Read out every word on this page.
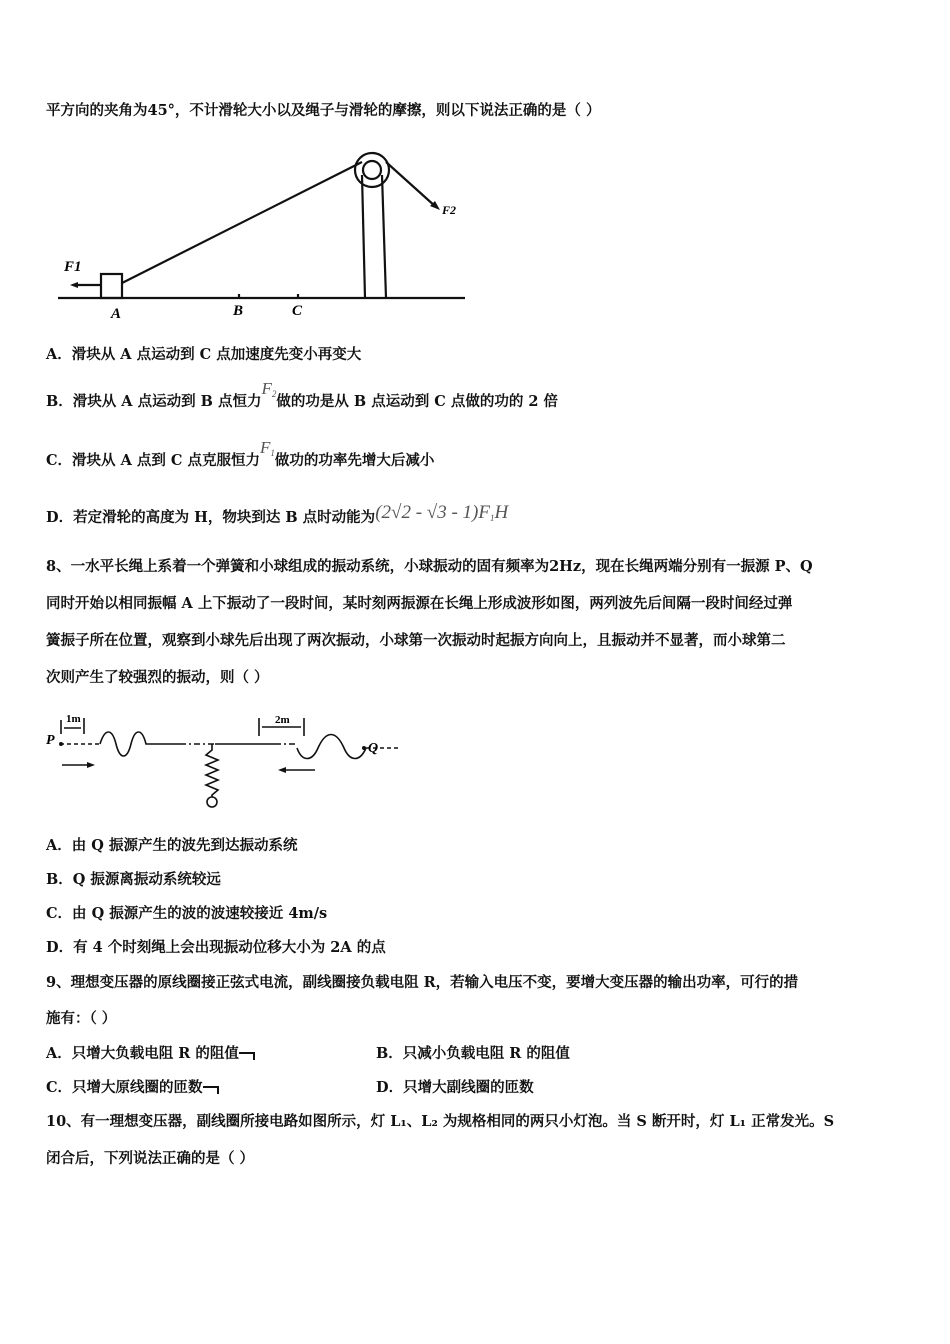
平方向的夹角为45°，不计滑轮大小以及绳子与滑轮的摩擦，则以下说法正确的是（ ）
F1
F2
A	B	C
A．滑块从 A 点运动到 C 点加速度先变小再变大
B．滑块从 A 点运动到 B 点恒力$F_2$做的功是从 B 点运动到 C 点做的功的 2 倍
C．滑块从 A 点到 C 点克服恒力$F_1$做功的功率先增大后减小
D．若定滑轮的高度为 H，物块到达 B 点时动能为$(2√2 - √3 - 1)F_1H$
8、一水平长绳上系着一个弹簧和小球组成的振动系统，小球振动的固有频率为2Hz，现在长绳两端分别有一振源 P、Q
同时开始以相同振幅 A 上下振动了一段时间，某时刻两振源在长绳上形成波形如图，两列波先后间隔一段时间经过弹
簧振子所在位置，观察到小球先后出现了两次振动，小球第一次振动时起振方向向上，且振动并不显著，而小球第二
次则产生了较强烈的振动，则（ ）
P
Q
1m	2m
A．由 Q 振源产生的波先到达振动系统
B．Q 振源离振动系统较远
C．由 Q 振源产生的波的波速较接近 4m/s
D．有 4 个时刻绳上会出现振动位移大小为 2A 的点
9、理想变压器的原线圈接正弦式电流，副线圈接负载电阻 R，若输入电压不变，要增大变压器的输出功率，可行的措
施有：（ ）
A．只增大负载电阻 R 的阻值	B．只减小负载电阻 R 的阻值
C．只增大原线圈的匝数	D．只增大副线圈的匝数
10、有一理想变压器，副线圈所接电路如图所示，灯 L₁、L₂ 为规格相同的两只小灯泡。当 S 断开时，灯 L₁ 正常发光。S
闭合后，下列说法正确的是（ ）
